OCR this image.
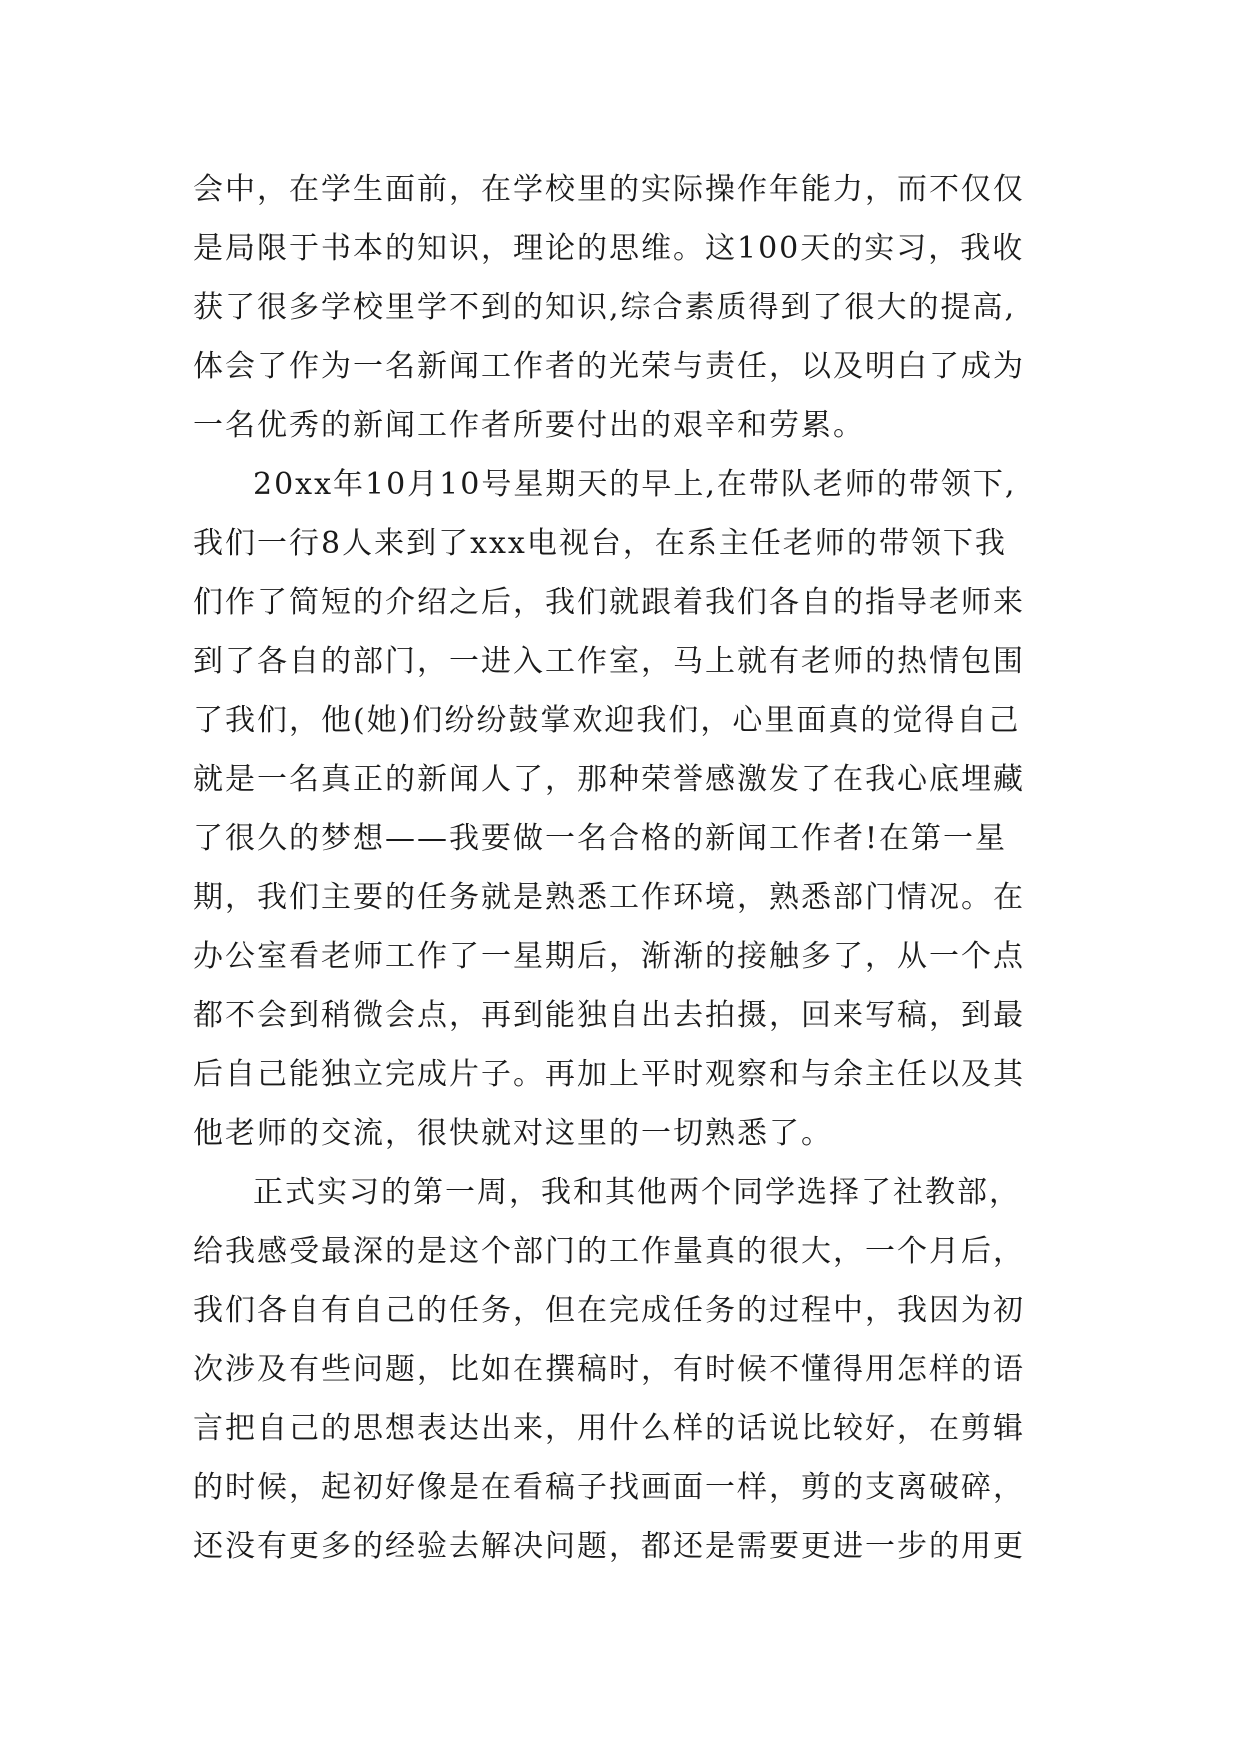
会中，在学生面前，在学校里的实际操作年能力，而不仅仅
是局限于书本的知识，理论的思维。这100天的实习，我收
获了很多学校里学不到的知识,综合素质得到了很大的提高,
体会了作为一名新闻工作者的光荣与责任，以及明白了成为
一名优秀的新闻工作者所要付出的艰辛和劳累。
20xx年10月10号星期天的早上,在带队老师的带领下,
我们一行8人来到了xxx电视台，在系主任老师的带领下我
们作了简短的介绍之后，我们就跟着我们各自的指导老师来
到了各自的部门，一进入工作室，马上就有老师的热情包围
了我们，他(她)们纷纷鼓掌欢迎我们，心里面真的觉得自己
就是一名真正的新闻人了，那种荣誉感激发了在我心底埋藏
了很久的梦想——我要做一名合格的新闻工作者!在第一星
期，我们主要的任务就是熟悉工作环境，熟悉部门情况。在
办公室看老师工作了一星期后，渐渐的接触多了，从一个点
都不会到稍微会点，再到能独自出去拍摄，回来写稿，到最
后自己能独立完成片子。再加上平时观察和与余主任以及其
他老师的交流，很快就对这里的一切熟悉了。
正式实习的第一周，我和其他两个同学选择了社教部，
给我感受最深的是这个部门的工作量真的很大，一个月后，
我们各自有自己的任务，但在完成任务的过程中，我因为初
次涉及有些问题，比如在撰稿时，有时候不懂得用怎样的语
言把自己的思想表达出来，用什么样的话说比较好，在剪辑
的时候，起初好像是在看稿子找画面一样，剪的支离破碎，
还没有更多的经验去解决问题，都还是需要更进一步的用更
